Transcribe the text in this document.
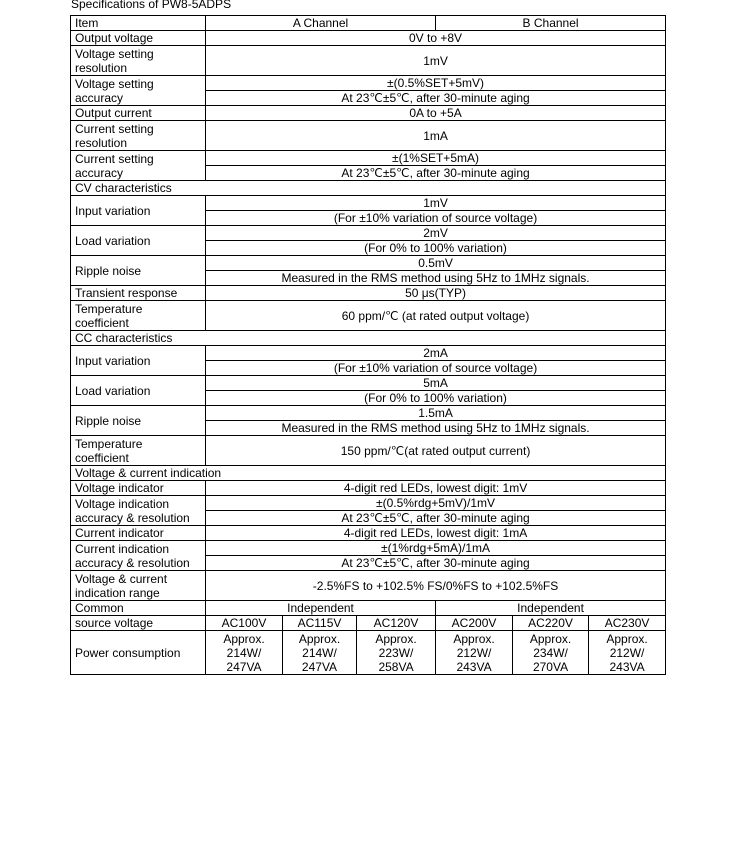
Specifications of PW8-5ADPS
Item	A Channel			B Channel		
Output voltage	0V to +8V					
Voltage setting
resolution	1mV					
Voltage setting
accuracy	±(0.5%SET+5mV)					
	At 23℃±5℃, after 30-minute aging					
Output current	0A to +5A					
Current setting
resolution	1mA					
Current setting
accuracy	±(1%SET+5mA)					
	At 23℃±5℃, after 30-minute aging					
CV characteristics						
Input variation	1mV					
	(For ±10% variation of source voltage)					
Load variation	2mV					
	(For 0% to 100% variation)					
Ripple noise	0.5mV					
	Measured in the RMS method using 5Hz to 1MHz signals.					
Transient response	50 μs(TYP)					
Temperature
coefficient	60 ppm/℃ (at rated output voltage)					
CC characteristics						
Input variation	2mA					
	(For ±10% variation of source voltage)					
Load variation	5mA					
	(For 0% to 100% variation)					
Ripple noise	1.5mA					
	Measured in the RMS method using 5Hz to 1MHz signals.					
Temperature
coefficient	150 ppm/℃(at rated output current)					
Voltage & current indication						
Voltage indicator	4-digit red LEDs, lowest digit: 1mV					
Voltage indication
accuracy & resolution	±(0.5%rdg+5mV)/1mV					
	At 23℃±5℃, after 30-minute aging					
Current indicator	4-digit red LEDs, lowest digit: 1mA					
Current indication
accuracy & resolution	±(1%rdg+5mA)/1mA					
	At 23℃±5℃, after 30-minute aging					
Voltage & current
indication range	-2.5%FS to +102.5% FS/0%FS to +102.5%FS					
Common	Independent			Independent		
source voltage	AC100V	AC115V	AC120V	AC200V	AC220V	AC230V
Power consumption	Approx.
214W/
247VA	Approx.
214W/
247VA	Approx.
223W/
258VA	Approx.
212W/
243VA	Approx.
234W/
270VA	Approx.
212W/
243VA
